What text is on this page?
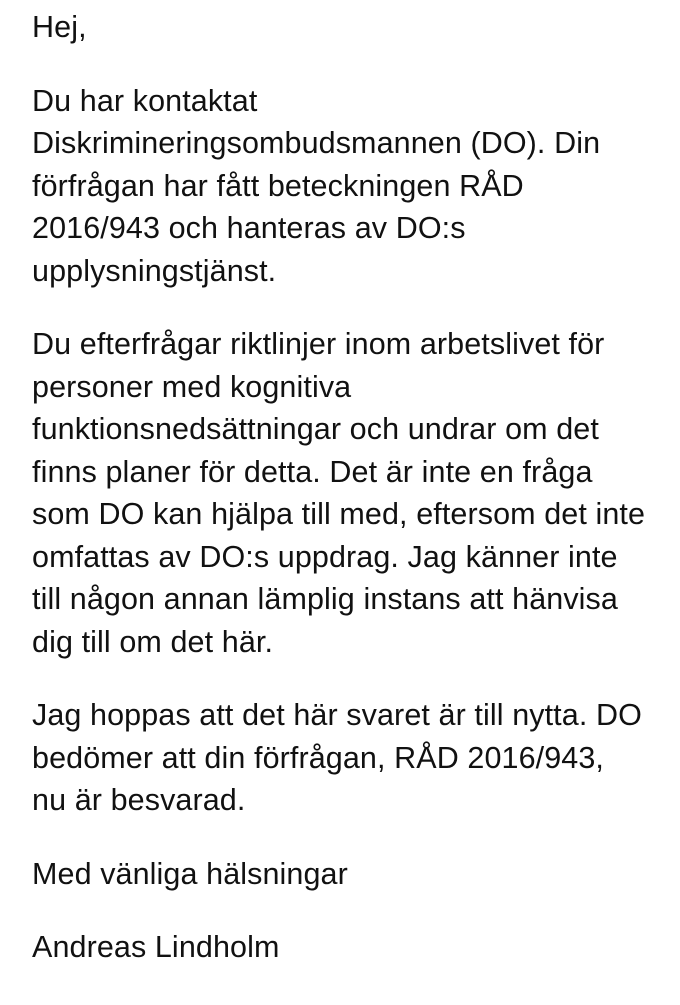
Hej,
Du har kontaktat
Diskrimineringsombudsmannen (DO). Din
förfrågan har fått beteckningen RÅD
2016/943 och hanteras av DO:s
upplysningstjänst.
Du efterfrågar riktlinjer inom arbetslivet för
personer med kognitiva
funktionsnedsättningar och undrar om det
finns planer för detta. Det är inte en fråga
som DO kan hjälpa till med, eftersom det inte
omfattas av DO:s uppdrag. Jag känner inte
till någon annan lämplig instans att hänvisa
dig till om det här.
Jag hoppas att det här svaret är till nytta. DO
bedömer att din förfrågan, RÅD 2016/943,
nu är besvarad.
Med vänliga hälsningar
Andreas Lindholm
